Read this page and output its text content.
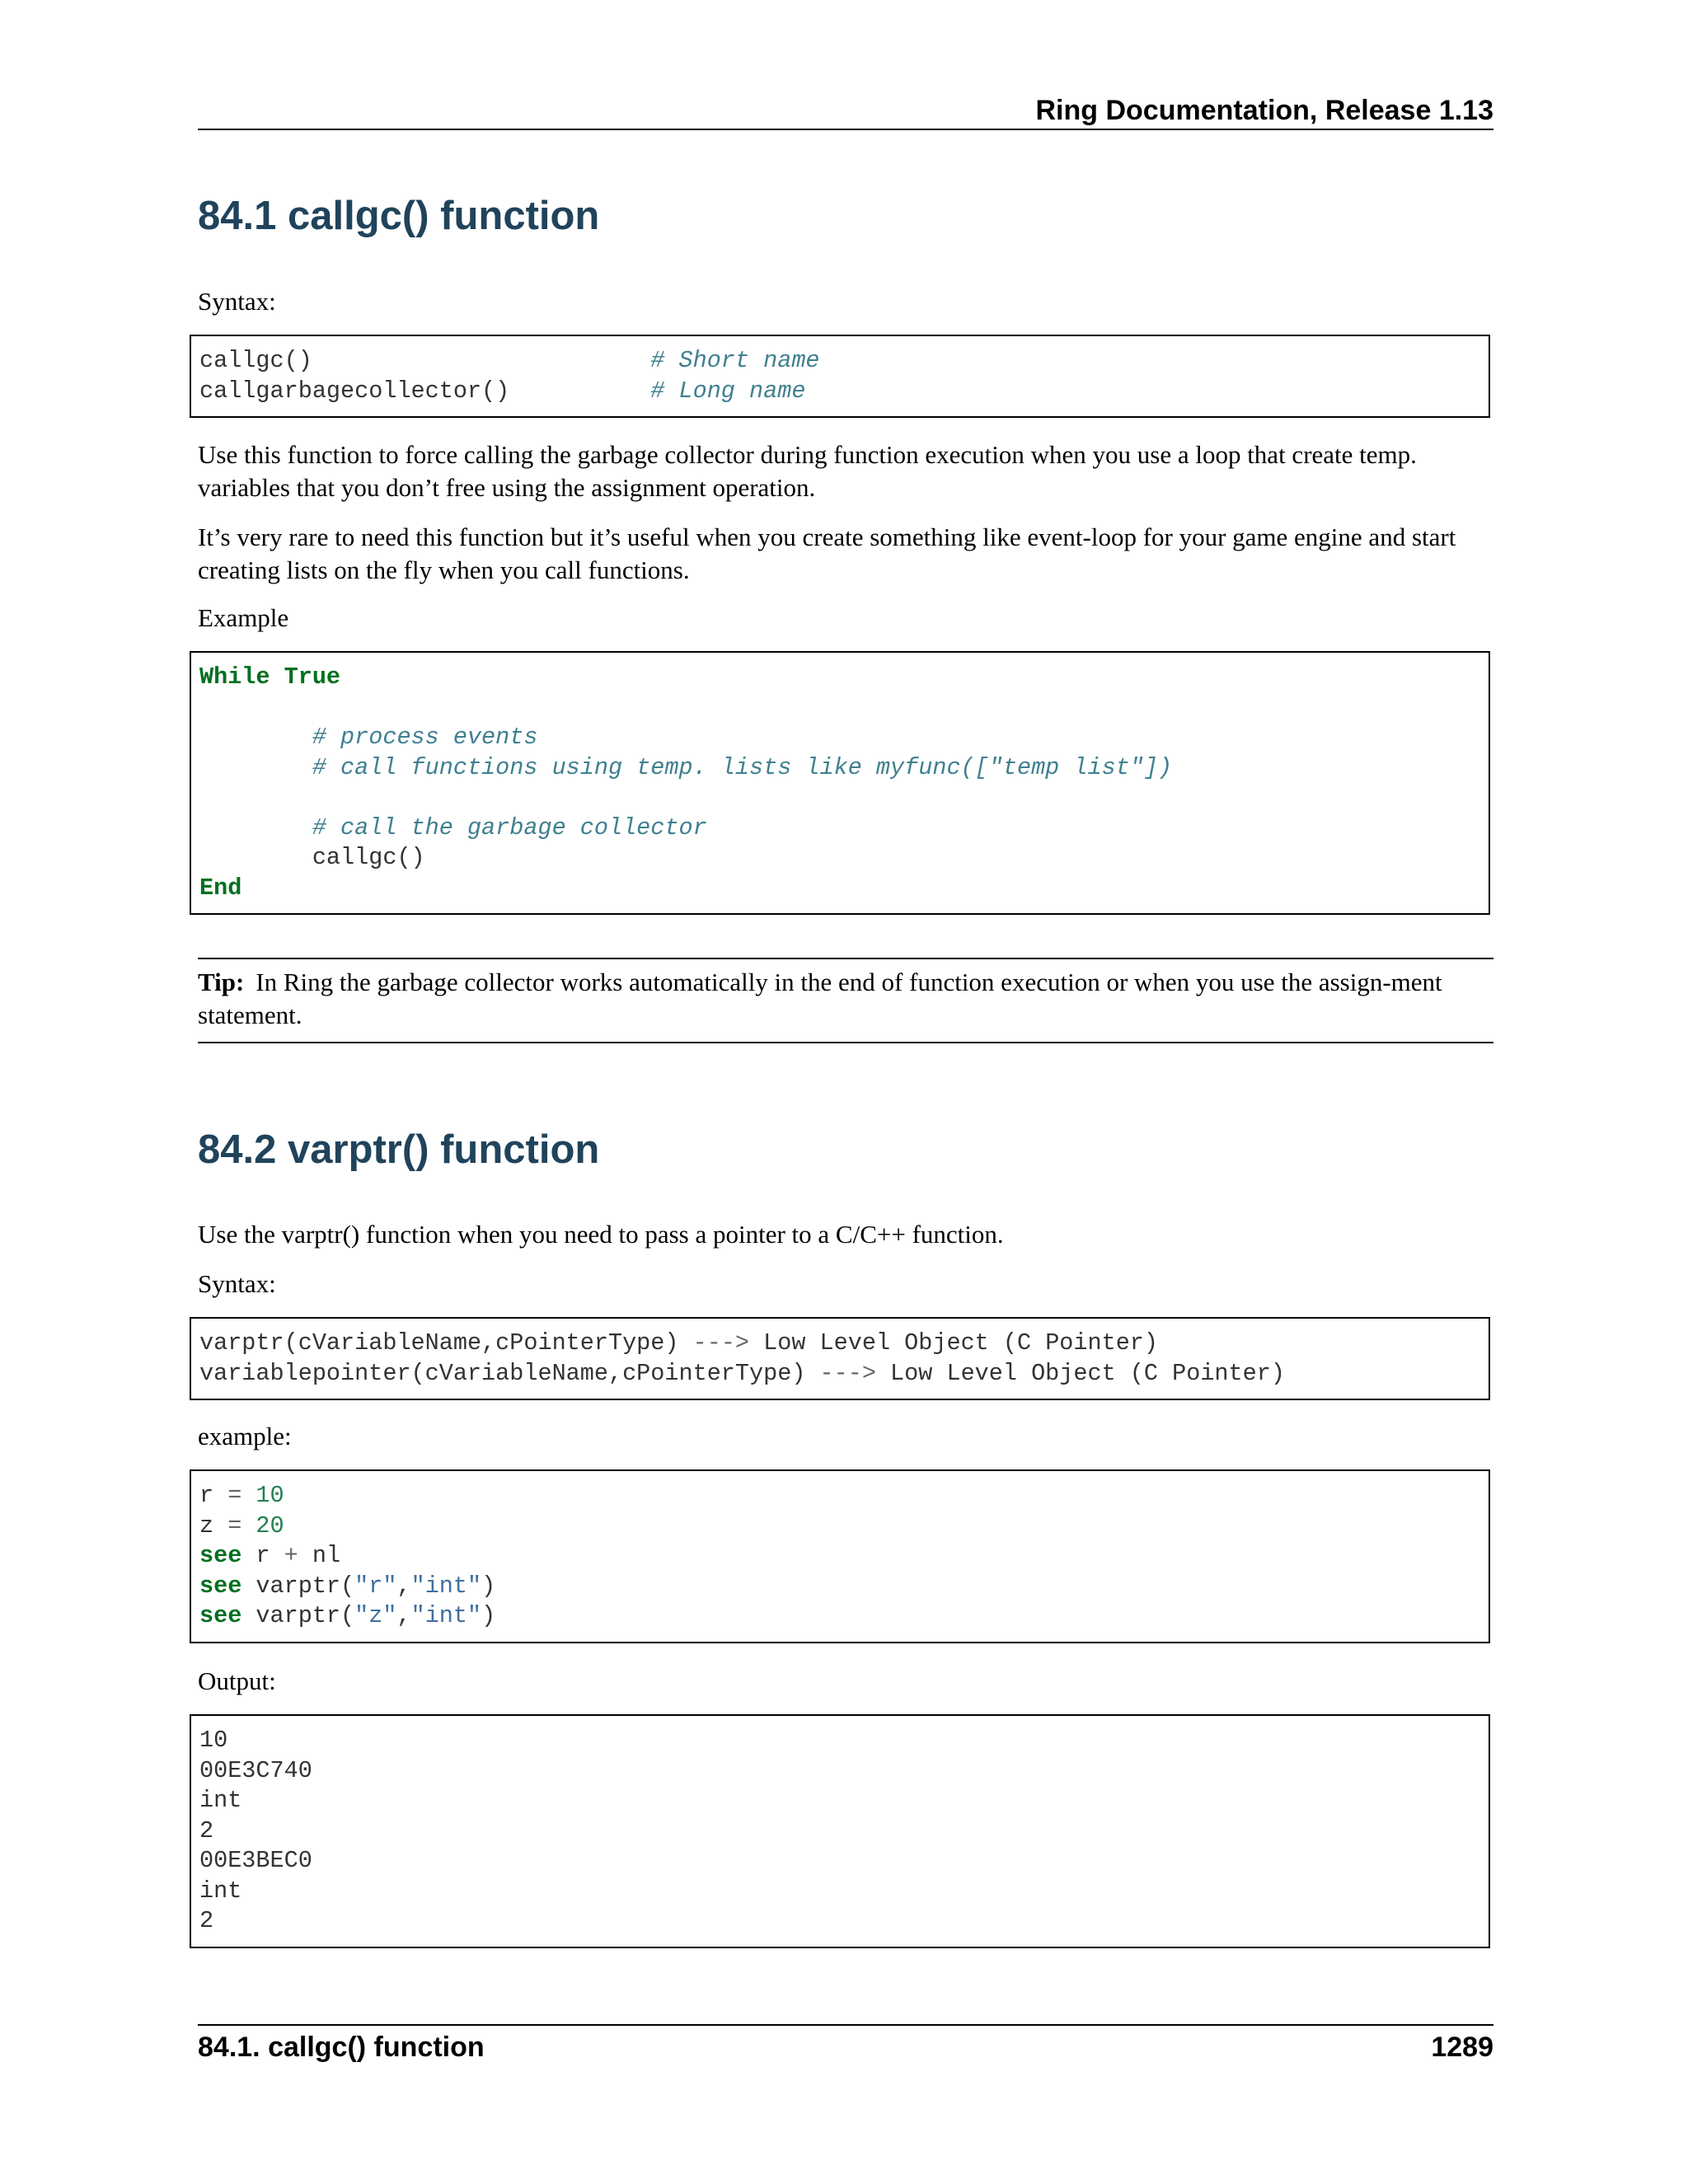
Ring Documentation, Release 1.13
84.1 callgc() function

Syntax:

callgc()                        # Short name
callgarbagecollector()          # Long name

Use this function to force calling the garbage collector during function execution when you use a loop that create temp. variables that you don’t free using the assignment operation.

It’s very rare to need this function but it’s useful when you create something like event-loop for your game engine and start creating lists on the fly when you call functions.

Example

While True
# process events
# call functions using temp. lists like myfunc(["temp list"])
# call the garbage collector
callgc()
End
Tip: In Ring the garbage collector works automatically in the end of function execution or when you use the assign-ment statement.
84.2 varptr() function

Use the varptr() function when you need to pass a pointer to a C/C++ function.

Syntax:

varptr(cVariableName,cPointerType) ---> Low Level Object (C Pointer)
variablepointer(cVariableName,cPointerType) ---> Low Level Object (C Pointer)

example:

r = 10
z = 20
see r + nl
see varptr("r","int")
see varptr("z","int")

Output:

10
00E3C740
int
2
00E3BEC0
int
2
84.1. callgc() function	1289
